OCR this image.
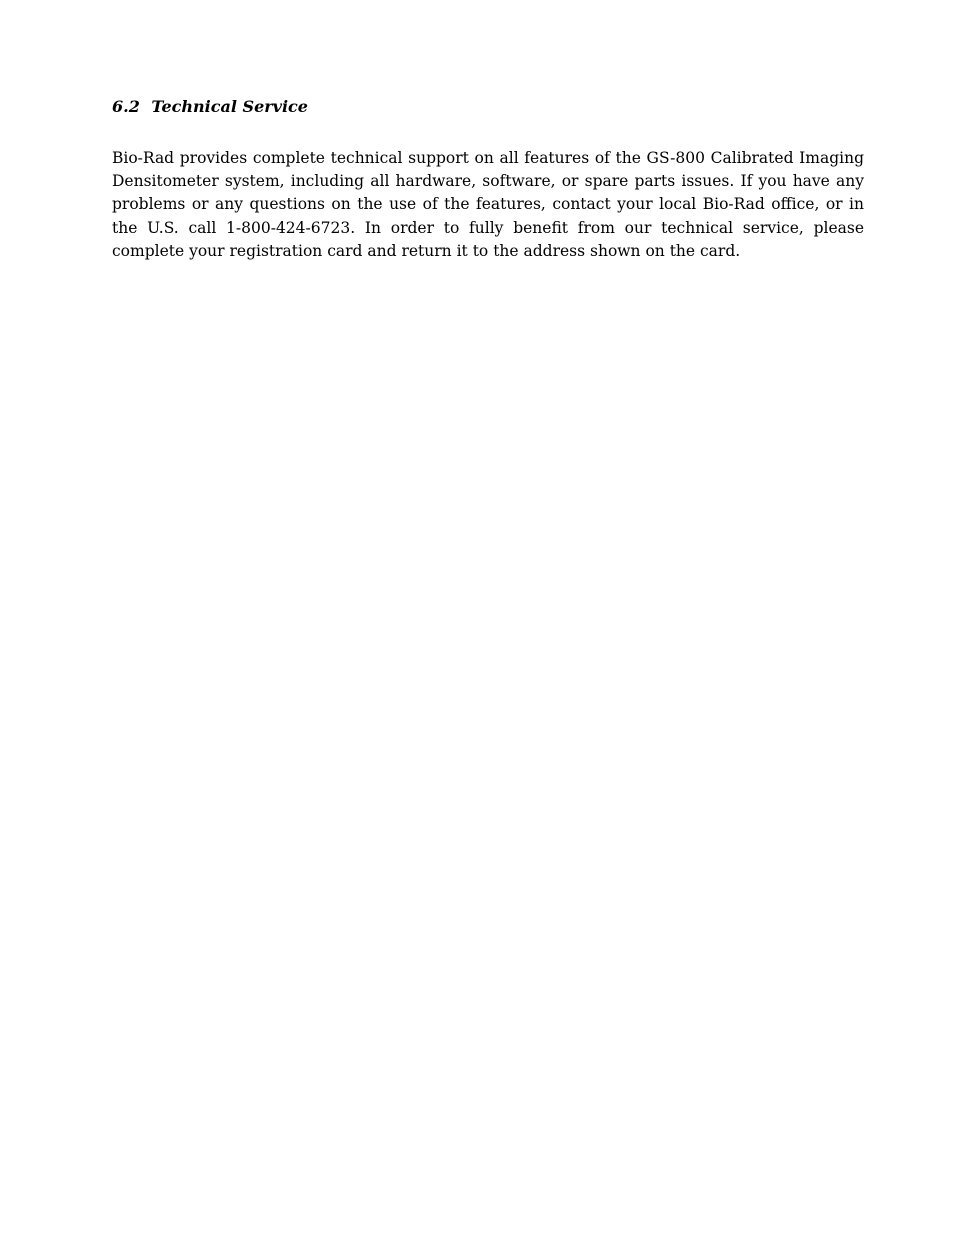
6.2 Technical Service

Bio-Rad provides complete technical support on all features of the GS-800 Calibrated Imaging Densitometer system, including all hardware, software, or spare parts issues. If you have any problems or any questions on the use of the features, contact your local Bio-Rad office, or in the U.S. call 1-800-424-6723. In order to fully benefit from our technical service, please complete your registration card and return it to the address shown on the card.
